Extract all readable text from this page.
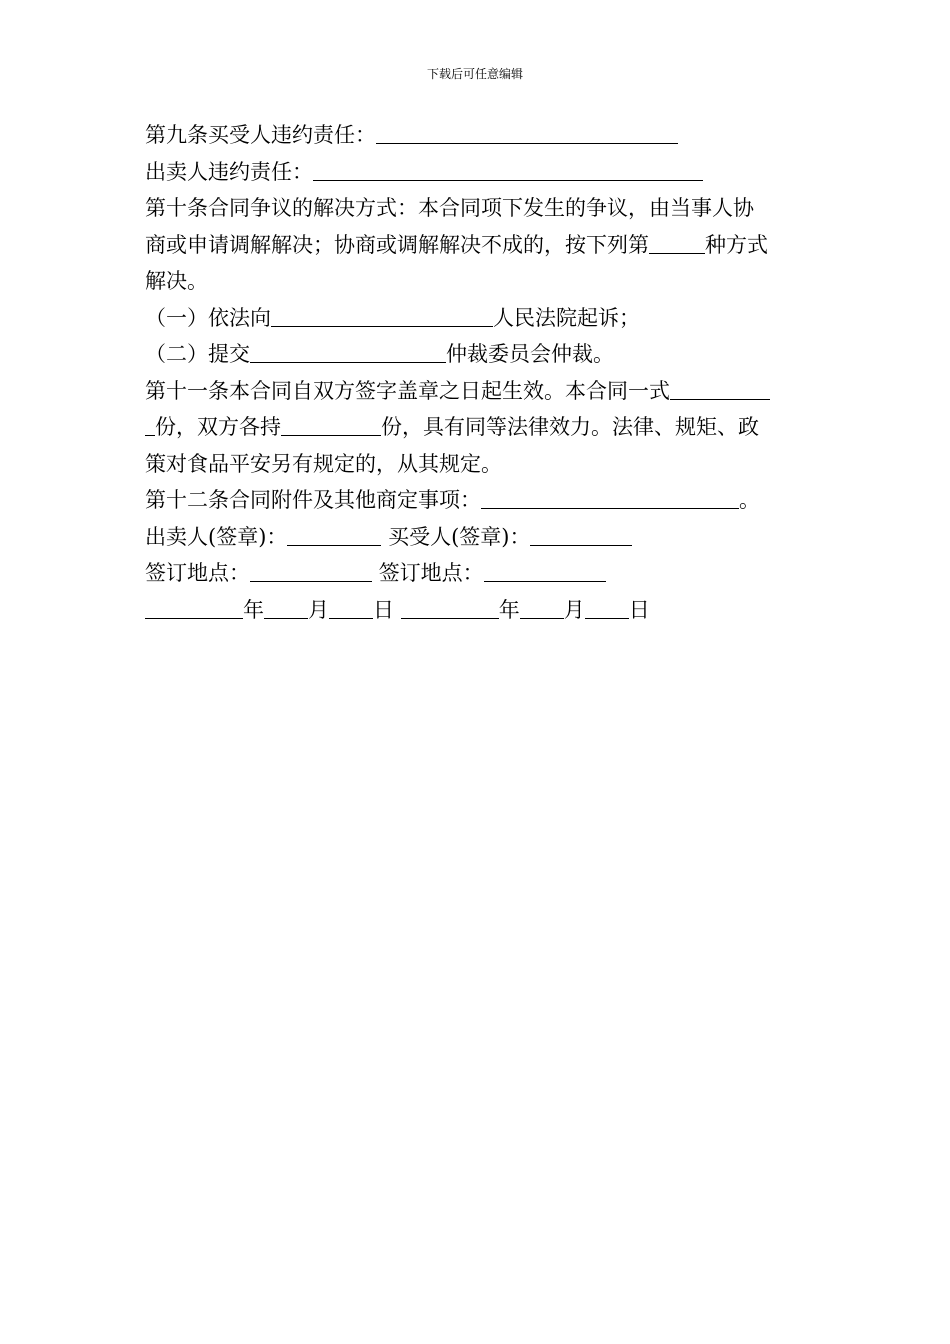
下载后可任意编辑
第九条买受人违约责任：
出卖人违约责任：
第十条合同争议的解决方式：本合同项下发生的争议，由当事人协
商或申请调解解决；协商或调解解决不成的，按下列第	种方式
解决。
（一）依法向	人民法院起诉；
（二）提交	仲裁委员会仲裁。
第十一条本合同自双方签字盖章之日起生效。本合同一式
份，双方各持	份，具有同等法律效力。法律、规矩、政
策对食品平安另有规定的，从其规定。
第十二条合同附件及其他商定事项：	。
出卖人(签章)：	买受人(签章)：
签订地点：	签订地点：
年 月 日	年 月 日
